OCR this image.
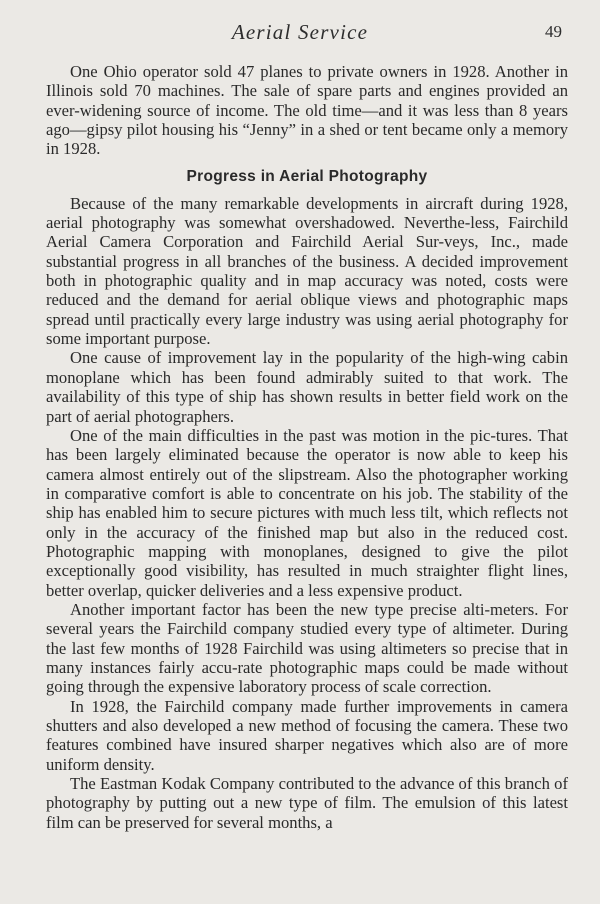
Aerial Service	49

One Ohio operator sold 47 planes to private owners in 1928. Another in Illinois sold 70 machines. The sale of spare parts and engines provided an ever-widening source of income. The old time—and it was less than 8 years ago—gipsy pilot housing his “Jenny” in a shed or tent became only a memory in 1928.

Progress in Aerial Photography

Because of the many remarkable developments in aircraft during 1928, aerial photography was somewhat overshadowed. Neverthe-less, Fairchild Aerial Camera Corporation and Fairchild Aerial Sur-veys, Inc., made substantial progress in all branches of the business. A decided improvement both in photographic quality and in map accuracy was noted, costs were reduced and the demand for aerial oblique views and photographic maps spread until practically every large industry was using aerial photography for some important purpose.

One cause of improvement lay in the popularity of the high-wing cabin monoplane which has been found admirably suited to that work. The availability of this type of ship has shown results in better field work on the part of aerial photographers.

One of the main difficulties in the past was motion in the pic-tures. That has been largely eliminated because the operator is now able to keep his camera almost entirely out of the slipstream. Also the photographer working in comparative comfort is able to concentrate on his job. The stability of the ship has enabled him to secure pictures with much less tilt, which reflects not only in the accuracy of the finished map but also in the reduced cost. Photographic mapping with monoplanes, designed to give the pilot exceptionally good visibility, has resulted in much straighter flight lines, better overlap, quicker deliveries and a less expensive product.

Another important factor has been the new type precise alti-meters. For several years the Fairchild company studied every type of altimeter. During the last few months of 1928 Fairchild was using altimeters so precise that in many instances fairly accu-rate photographic maps could be made without going through the expensive laboratory process of scale correction.

In 1928, the Fairchild company made further improvements in camera shutters and also developed a new method of focusing the camera. These two features combined have insured sharper negatives which also are of more uniform density.

The Eastman Kodak Company contributed to the advance of this branch of photography by putting out a new type of film. The emulsion of this latest film can be preserved for several months, a
